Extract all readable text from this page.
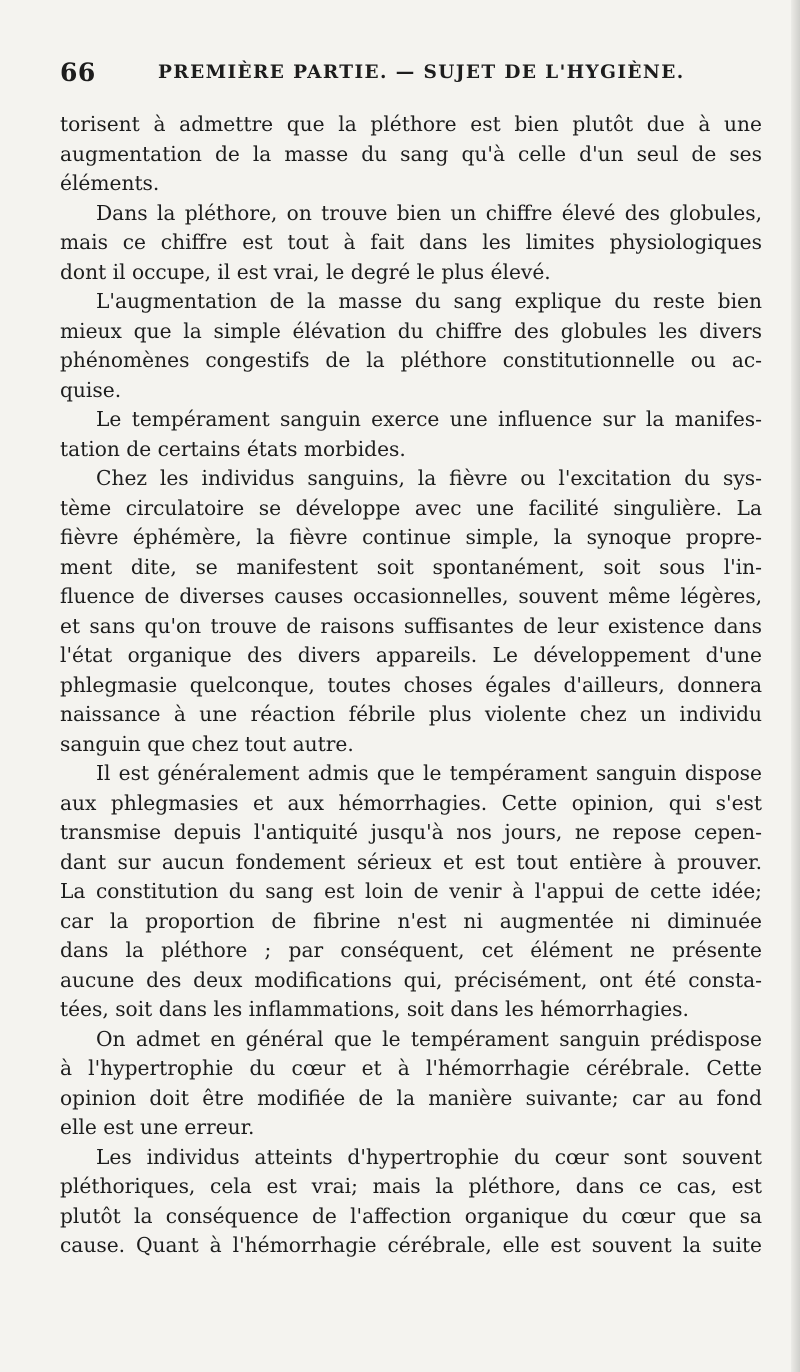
66	PREMIÈRE PARTIE. — SUJET DE L'HYGIÈNE.
torisent à admettre que la pléthore est bien plutôt due à une
augmentation de la masse du sang qu'à celle d'un seul de ses
éléments.
Dans la pléthore, on trouve bien un chiffre élevé des globules,
mais ce chiffre est tout à fait dans les limites physiologiques
dont il occupe, il est vrai, le degré le plus élevé.
L'augmentation de la masse du sang explique du reste bien
mieux que la simple élévation du chiffre des globules les divers
phénomènes congestifs de la pléthore constitutionnelle ou ac-
quise.
Le tempérament sanguin exerce une influence sur la manifes-
tation de certains états morbides.
Chez les individus sanguins, la fièvre ou l'excitation du sys-
tème circulatoire se développe avec une facilité singulière. La
fièvre éphémère, la fièvre continue simple, la synoque propre-
ment dite, se manifestent soit spontanément, soit sous l'in-
fluence de diverses causes occasionnelles, souvent même légères,
et sans qu'on trouve de raisons suffisantes de leur existence dans
l'état organique des divers appareils. Le développement d'une
phlegmasie quelconque, toutes choses égales d'ailleurs, donnera
naissance à une réaction fébrile plus violente chez un individu
sanguin que chez tout autre.
Il est généralement admis que le tempérament sanguin dispose
aux phlegmasies et aux hémorrhagies. Cette opinion, qui s'est
transmise depuis l'antiquité jusqu'à nos jours, ne repose cepen-
dant sur aucun fondement sérieux et est tout entière à prouver.
La constitution du sang est loin de venir à l'appui de cette idée;
car la proportion de fibrine n'est ni augmentée ni diminuée
dans la pléthore ; par conséquent, cet élément ne présente
aucune des deux modifications qui, précisément, ont été consta-
tées, soit dans les inflammations, soit dans les hémorrhagies.
On admet en général que le tempérament sanguin prédispose
à l'hypertrophie du cœur et à l'hémorrhagie cérébrale. Cette
opinion doit être modifiée de la manière suivante; car au fond
elle est une erreur.
Les individus atteints d'hypertrophie du cœur sont souvent
pléthoriques, cela est vrai; mais la pléthore, dans ce cas, est
plutôt la conséquence de l'affection organique du cœur que sa
cause. Quant à l'hémorrhagie cérébrale, elle est souvent la suite
